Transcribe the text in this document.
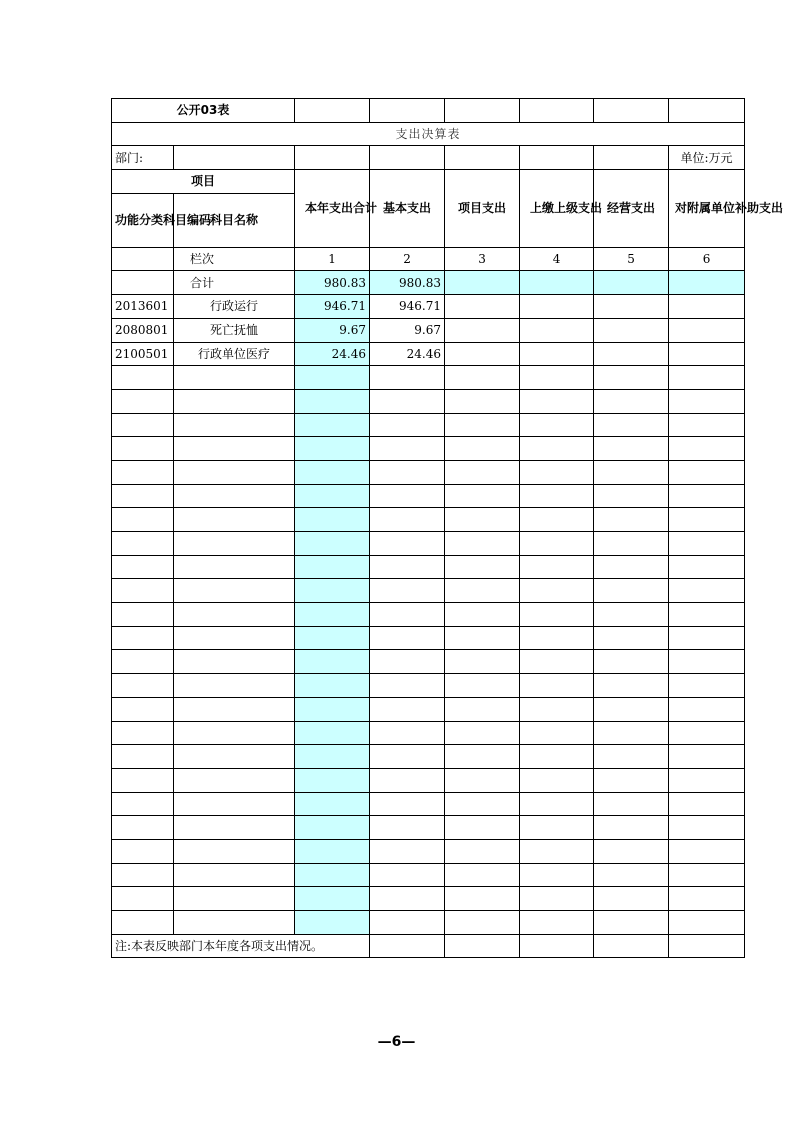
公开03表							
支出决算表							
部门:							单位:万元
项目		本年支出合计	基本支出	项目支出	上缴上级支出	经营支出	对附属单位补助支出
功能分类科目编码	科目名称						
	栏次	1	2	3	4	5	6
	合计	980.83	980.83				
2013601	行政运行	946.71	946.71				
2080801	死亡抚恤	9.67	9.67				
2100501	行政单位医疗	24.46	24.46				

注:本表反映部门本年度各项支出情况。							
—6—
